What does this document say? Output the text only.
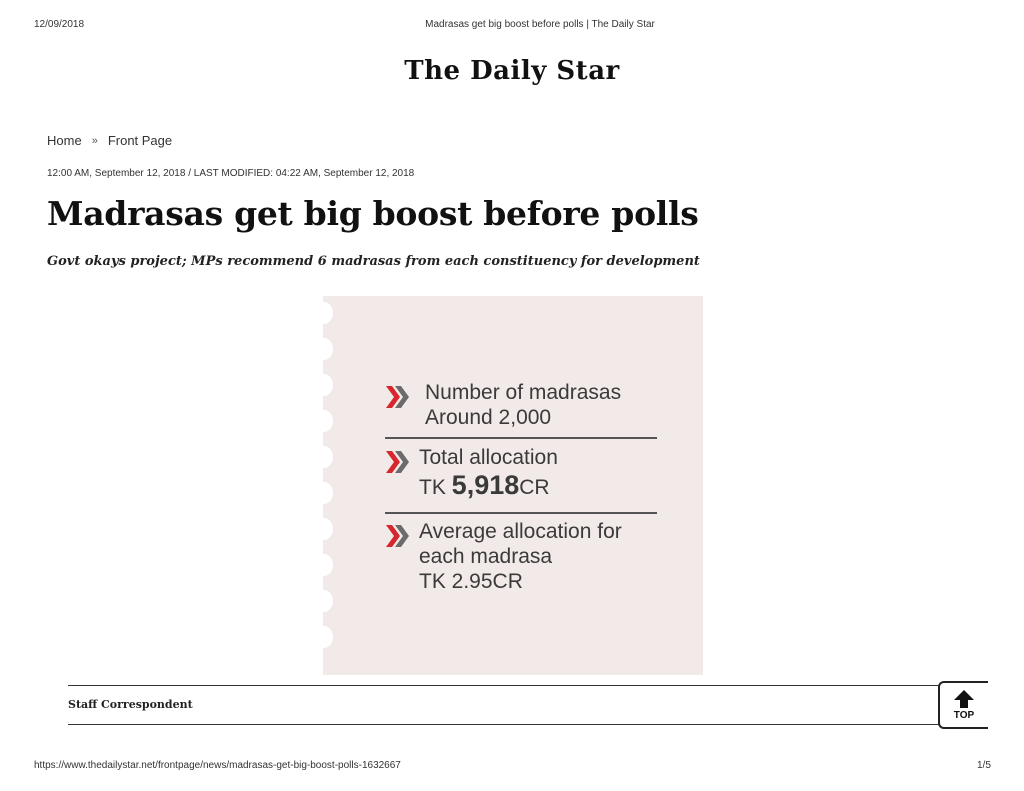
12/09/2018	Madrasas get big boost before polls | The Daily Star
The Daily Star
Home » Front Page
12:00 AM, September 12, 2018 / LAST MODIFIED: 04:22 AM, September 12, 2018
Madrasas get big boost before polls
Govt okays project; MPs recommend 6 madrasas from each constituency for development
Number of madrasas
Around 2,000
Total allocation
TK 5,918CR
Average allocation for
each madrasa
TK 2.95CR
Staff Correspondent
TOP
https://www.thedailystar.net/frontpage/news/madrasas-get-big-boost-polls-1632667	1/5
